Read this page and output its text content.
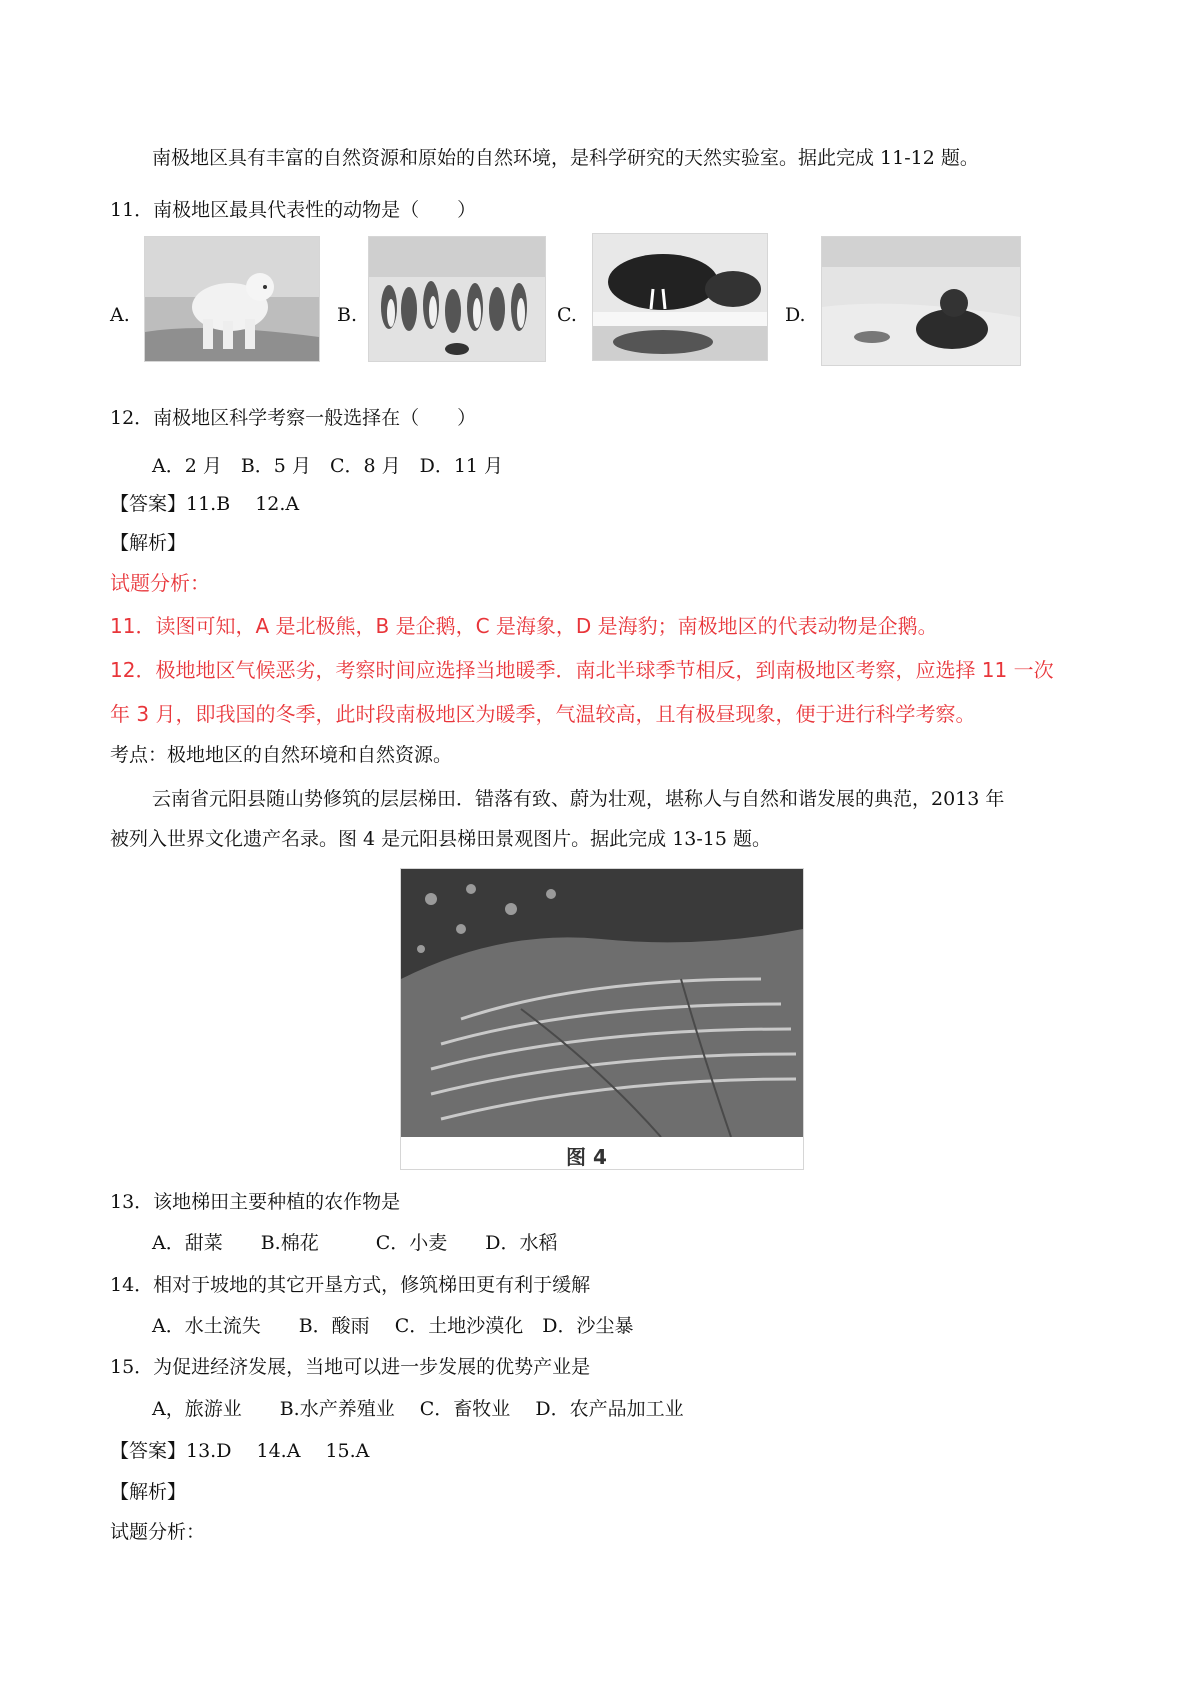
南极地区具有丰富的自然资源和原始的自然环境，是科学研究的天然实验室。据此完成 11-12 题。
11．南极地区最具代表性的动物是（　　）
A.	B.	C.	D.
12．南极地区科学考察一般选择在（　　）
A．2 月　B．5 月　C．8 月　D．11 月
【答案】11.B　 12.A
【解析】
试题分析：
11．读图可知，A 是北极熊，B 是企鹅，C 是海象，D 是海豹；南极地区的代表动物是企鹅。
12．极地地区气候恶劣，考察时间应选择当地暖季．南北半球季节相反，到南极地区考察，应选择 11 一次
年 3 月，即我国的冬季，此时段南极地区为暖季，气温较高，且有极昼现象，便于进行科学考察。
考点：极地地区的自然环境和自然资源。
云南省元阳县随山势修筑的层层梯田．错落有致、蔚为壮观，堪称人与自然和谐发展的典范，2013 年
被列入世界文化遗产名录。图 4 是元阳县梯田景观图片。据此完成 13-15 题。
图 4
13．该地梯田主要种植的农作物是
A．甜菜　　B.棉花　　　C．小麦　　D．水稻
14．相对于坡地的其它开垦方式，修筑梯田更有利于缓解
A．水土流失　　B．酸雨　 C．土地沙漠化　D．沙尘暴
15．为促进经济发展，当地可以进一步发展的优势产业是
A，旅游业　　B.水产养殖业　 C．畜牧业　 D．农产品加工业
【答案】13.D　 14.A　 15.A
【解析】
试题分析：
